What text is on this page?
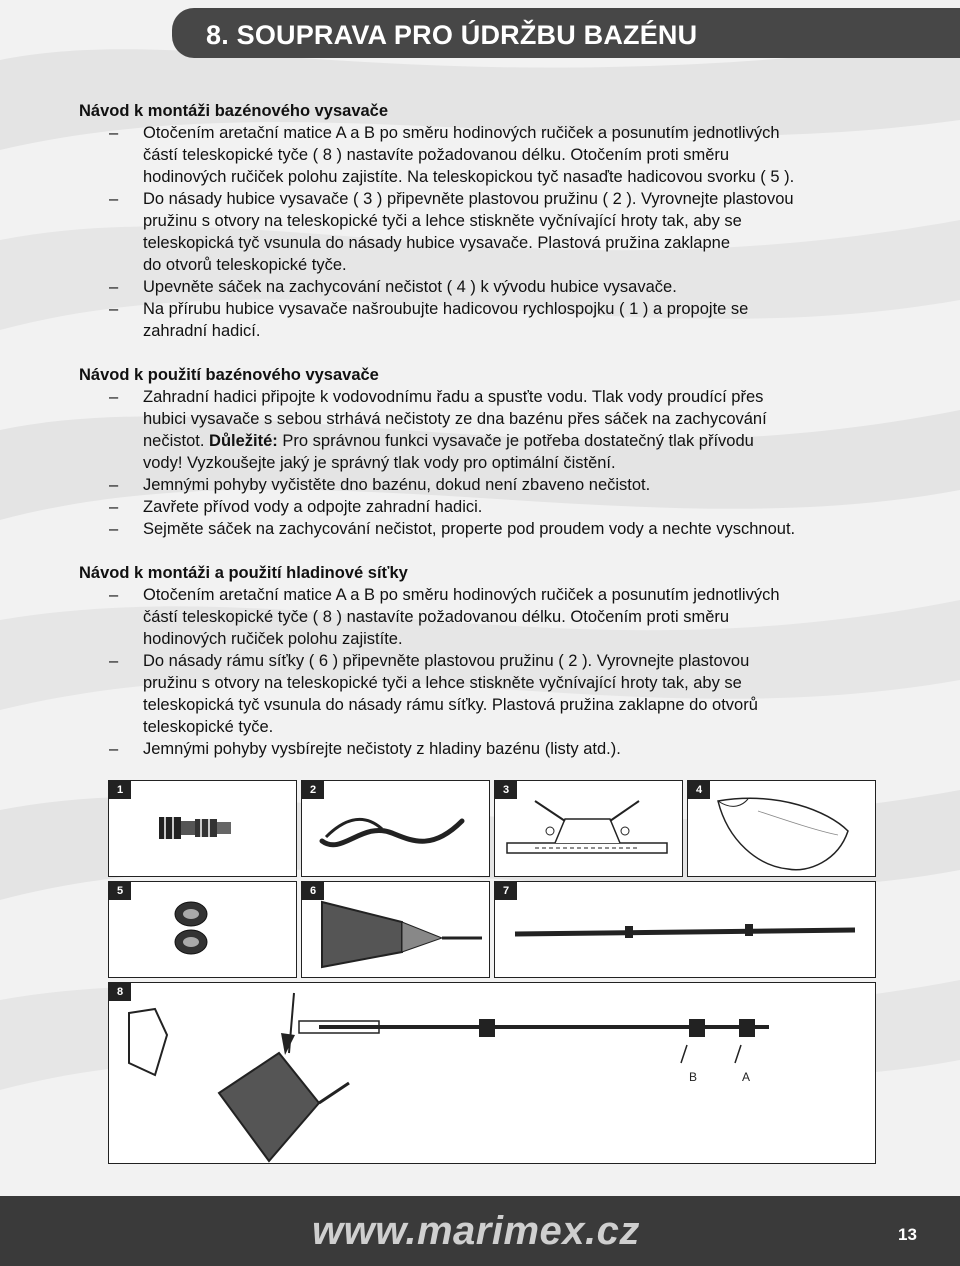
8. SOUPRAVA PRO ÚDRŽBU BAZÉNU

Návod k montáži bazénového vysavače

– Otočením aretační matice A a B po směru hodinových ručiček a posunutím jednotlivých
částí teleskopické tyče ( 8 ) nastavíte požadovanou délku. Otočením proti směru
hodinových ručiček polohu zajistíte. Na teleskopickou tyč nasaďte hadicovou svorku ( 5 ).
– Do násady hubice vysavače ( 3 ) připevněte plastovou pružinu ( 2 ). Vyrovnejte plastovou
pružinu s otvory na teleskopické tyči a lehce stiskněte vyčnívající hroty tak, aby se
teleskopická tyč vsunula do násady hubice vysavače. Plastová pružina zaklapne
do otvorů teleskopické tyče.
– Upevněte sáček na zachycování nečistot ( 4 ) k vývodu hubice vysavače.
– Na přírubu hubice vysavače našroubujte hadicovou rychlospojku ( 1 ) a propojte se
zahradní hadicí.

Návod k použití bazénového vysavače

– Zahradní hadici připojte k vodovodnímu řadu a spusťte vodu. Tlak vody proudící přes
hubici vysavače s sebou strhává nečistoty ze dna bazénu přes sáček na zachycování
nečistot. Důležité: Pro správnou funkci vysavače je potřeba dostatečný tlak přívodu
vody! Vyzkoušejte jaký je správný tlak vody pro optimální čistění.
– Jemnými pohyby vyčistěte dno bazénu, dokud není zbaveno nečistot.
– Zavřete přívod vody a odpojte zahradní hadici.
– Sejměte sáček na zachycování nečistot, properte pod proudem vody a nechte vyschnout.

Návod k montáži a použití hladinové síťky

– Otočením aretační matice A a B po směru hodinových ručiček a posunutím jednotlivých
částí teleskopické tyče ( 8 ) nastavíte požadovanou délku. Otočením proti směru
hodinových ručiček polohu zajistíte.
– Do násady rámu síťky ( 6 ) připevněte plastovou pružinu ( 2 ). Vyrovnejte plastovou
pružinu s otvory na teleskopické tyči a lehce stiskněte vyčnívající hroty tak, aby se
teleskopická tyč vsunula do násady rámu síťky. Plastová pružina zaklapne do otvorů
teleskopické tyče.
– Jemnými pohyby vysbírejte nečistoty z hladiny bazénu (listy atd.).
1	2	3	4
5	6	7
8
B	A
www.marimex.cz	13
